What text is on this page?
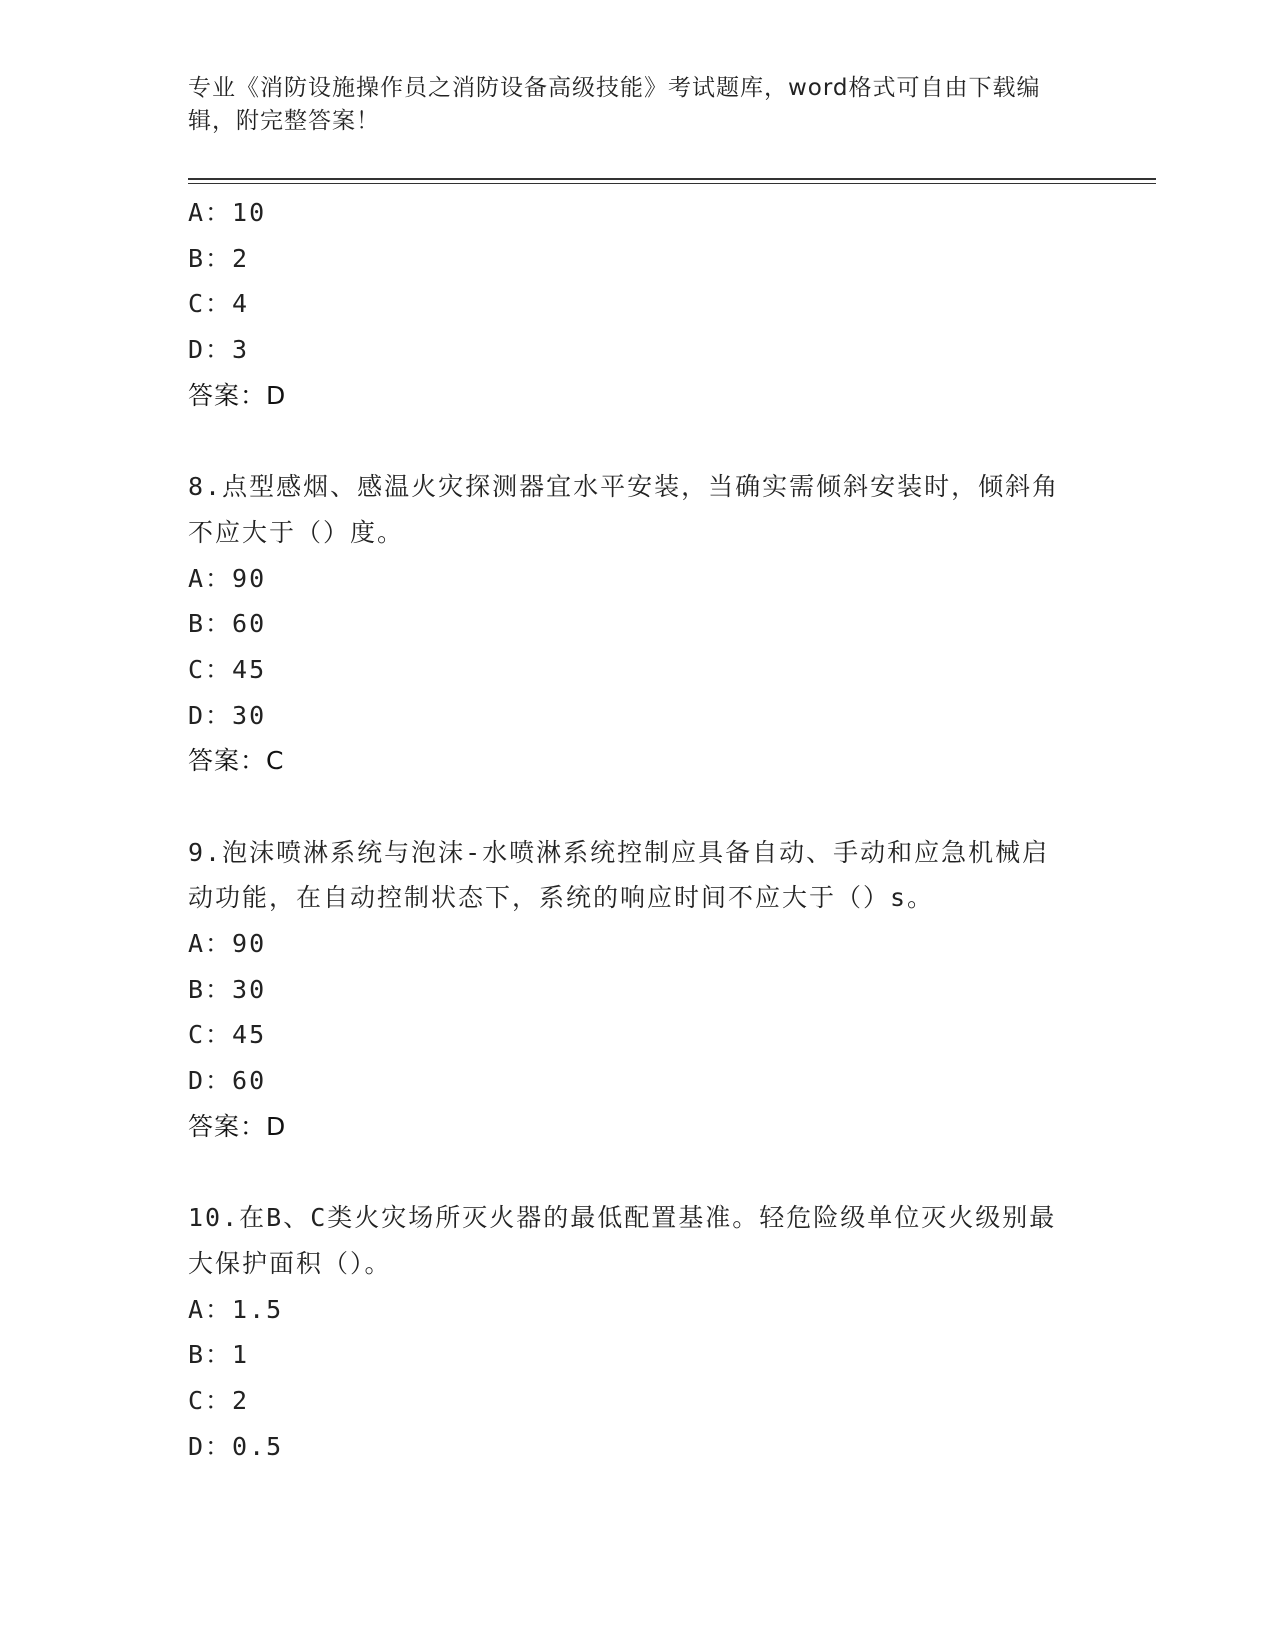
专业《消防设施操作员之消防设备高级技能》考试题库，word格式可自由下载编辑，附完整答案！
A：10
B：2
C：4
D：3
答案：D
8.点型感烟、感温火灾探测器宜水平安装，当确实需倾斜安装时，倾斜角不应大于（）度。
A：90
B：60
C：45
D：30
答案：C
9.泡沫喷淋系统与泡沫-水喷淋系统控制应具备自动、手动和应急机械启动功能，在自动控制状态下，系统的响应时间不应大于（）s。
A：90
B：30
C：45
D：60
答案：D
10.在B、C类火灾场所灭火器的最低配置基准。轻危险级单位灭火级别最大保护面积（）。
A：1.5
B：1
C：2
D：0.5
